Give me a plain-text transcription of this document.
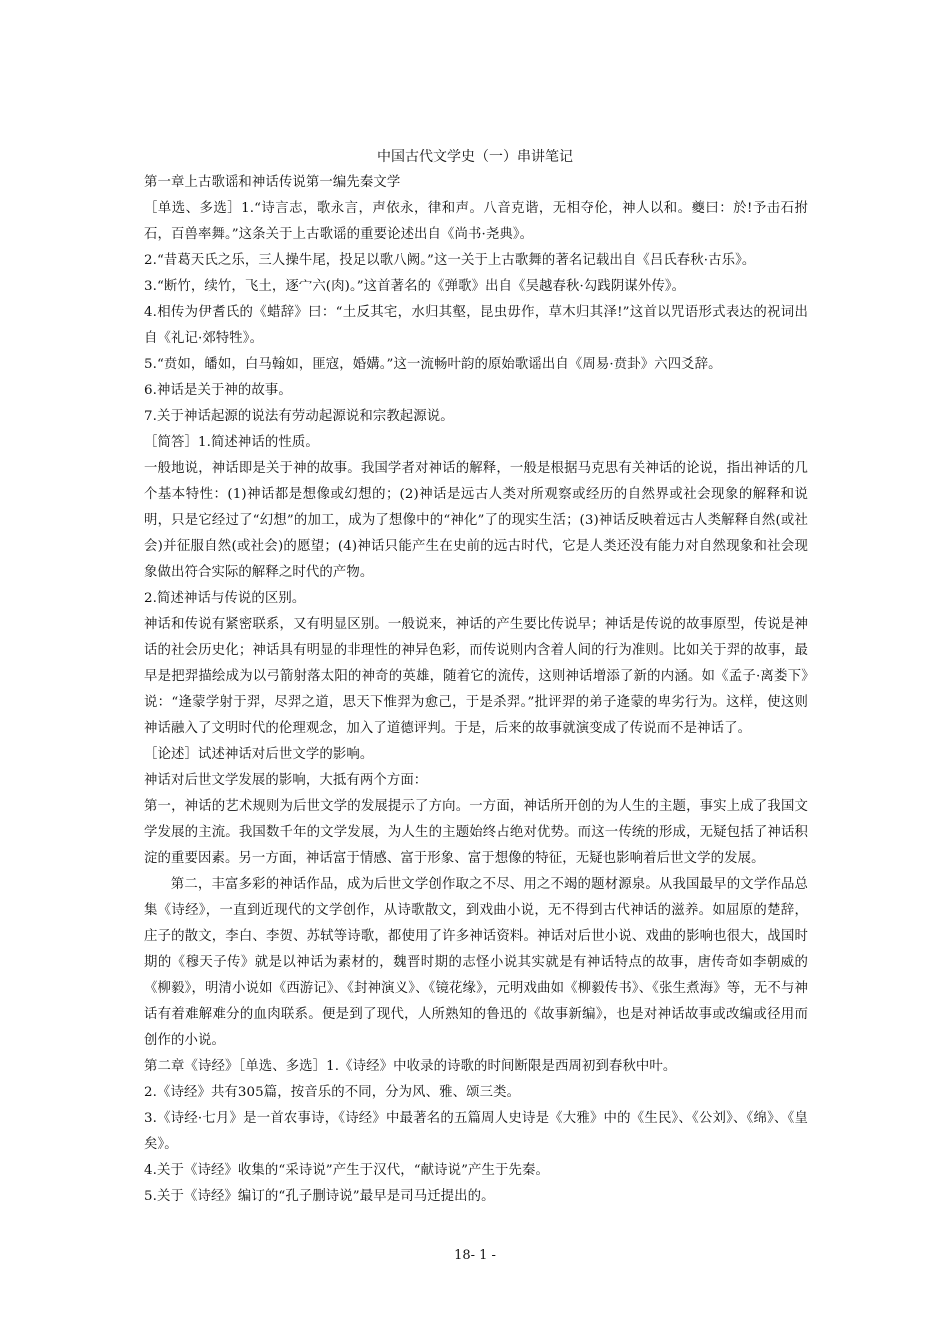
中国古代文学史（一）串讲笔记

第一章上古歌谣和神话传说第一编先秦文学

［单选、多选］1.“诗言志，歌永言，声依永，律和声。八音克谐，无相夺伦，神人以和。夔曰：於!予击石拊石，百兽率舞。”这条关于上古歌谣的重要论述出自《尚书·尧典》。

2.“昔葛天氏之乐，三人操牛尾，投足以歌八阙。”这一关于上古歌舞的著名记载出自《吕氏春秋·古乐》。

3.“断竹，续竹，飞土，逐宀六(肉)。”这首著名的《弹歌》出自《吴越春秋·勾践阴谋外传》。

4.相传为伊耆氏的《蜡辞》曰：“土反其宅，水归其壑，昆虫毋作，草木归其泽!”这首以咒语形式表达的祝词出自《礼记·郊特牲》。

5.“贲如，皤如，白马翰如，匪寇，婚媾。”这一流畅叶韵的原始歌谣出自《周易·贲卦》六四爻辞。

6.神话是关于神的故事。

7.关于神话起源的说法有劳动起源说和宗教起源说。

［简答］1.简述神话的性质。

一般地说，神话即是关于神的故事。我国学者对神话的解释，一般是根据马克思有关神话的论说，指出神话的几个基本特性：(1)神话都是想像或幻想的；(2)神话是远古人类对所观察或经历的自然界或社会现象的解释和说明，只是它经过了“幻想”的加工，成为了想像中的“神化”了的现实生活；(3)神话反映着远古人类解释自然(或社会)并征服自然(或社会)的愿望；(4)神话只能产生在史前的远古时代，它是人类还没有能力对自然现象和社会现象做出符合实际的解释之时代的产物。

2.简述神话与传说的区别。

神话和传说有紧密联系，又有明显区别。一般说来，神话的产生要比传说早；神话是传说的故事原型，传说是神话的社会历史化；神话具有明显的非理性的神异色彩，而传说则内含着人间的行为准则。比如关于羿的故事，最早是把羿描绘成为以弓箭射落太阳的神奇的英雄，随着它的流传，这则神话增添了新的内涵。如《孟子·离娄下》说：“逢蒙学射于羿，尽羿之道，思天下惟羿为愈己，于是杀羿。”批评羿的弟子逄蒙的卑劣行为。这样，使这则神话融入了文明时代的伦理观念，加入了道德评判。于是，后来的故事就演变成了传说而不是神话了。

［论述］试述神话对后世文学的影响。

神话对后世文学发展的影响，大抵有两个方面：

第一，神话的艺术规则为后世文学的发展提示了方向。一方面，神话所开创的为人生的主题，事实上成了我国文学发展的主流。我国数千年的文学发展，为人生的主题始终占绝对优势。而这一传统的形成，无疑包括了神话积淀的重要因素。另一方面，神话富于情感、富于形象、富于想像的特征，无疑也影响着后世文学的发展。

第二，丰富多彩的神话作品，成为后世文学创作取之不尽、用之不竭的题材源泉。从我国最早的文学作品总集《诗经》，一直到近现代的文学创作，从诗歌散文，到戏曲小说，无不得到古代神话的滋养。如屈原的楚辞，庄子的散文，李白、李贺、苏轼等诗歌，都使用了许多神话资料。神话对后世小说、戏曲的影响也很大，战国时期的《穆天子传》就是以神话为素材的，魏晋时期的志怪小说其实就是有神话特点的故事，唐传奇如李朝威的《柳毅》，明清小说如《西游记》、《封神演义》、《镜花缘》，元明戏曲如《柳毅传书》、《张生煮海》等，无不与神话有着难解难分的血肉联系。便是到了现代，人所熟知的鲁迅的《故事新编》，也是对神话故事或改编或径用而创作的小说。

第二章《诗经》［单选、多选］1.《诗经》中收录的诗歌的时间断限是西周初到春秋中叶。

2.《诗经》共有305篇，按音乐的不同，分为风、雅、颂三类。

3.《诗经·七月》是一首农事诗，《诗经》中最著名的五篇周人史诗是《大雅》中的《生民》、《公刘》、《绵》、《皇矣》。

4.关于《诗经》收集的“采诗说”产生于汉代，“献诗说”产生于先秦。

5.关于《诗经》编订的“孔子删诗说”最早是司马迁提出的。

18- 1 -
